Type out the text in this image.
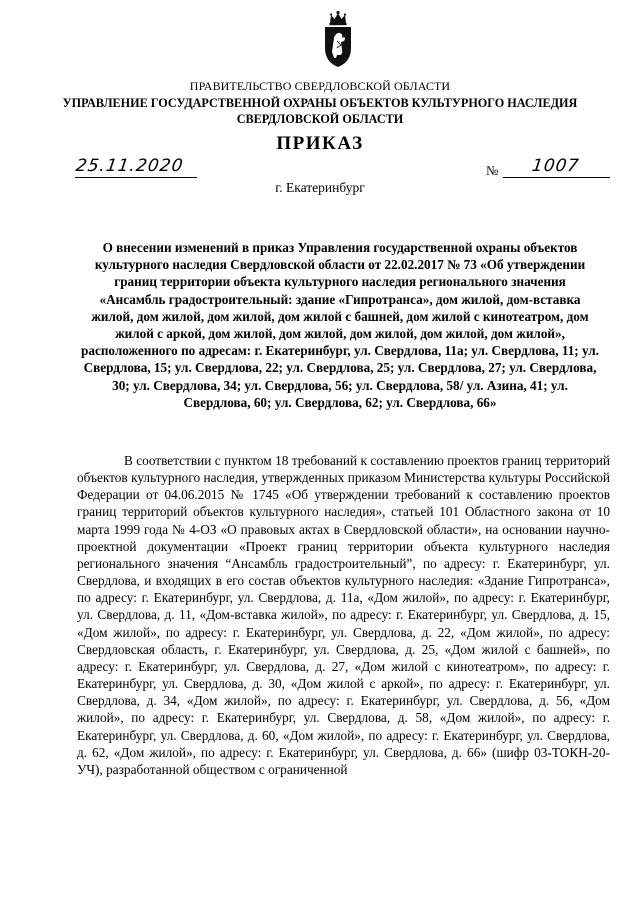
ПРАВИТЕЛЬСТВО СВЕРДЛОВСКОЙ ОБЛАСТИ
УПРАВЛЕНИЕ ГОСУДАРСТВЕННОЙ ОХРАНЫ ОБЪЕКТОВ КУЛЬТУРНОГО НАСЛЕДИЯ СВЕРДЛОВСКОЙ ОБЛАСТИ
ПРИКАЗ
25.11.2020	№ 1007
г. Екатеринбург
О внесении изменений в приказ Управления государственной охраны объектов культурного наследия Свердловской области от 22.02.2017 № 73 «Об утверждении границ территории объекта культурного наследия регионального значения «Ансамбль градостроительный: здание «Гипротранса», дом жилой, дом-вставка жилой, дом жилой, дом жилой, дом жилой с башней, дом жилой с кинотеатром, дом жилой с аркой, дом жилой, дом жилой, дом жилой, дом жилой, дом жилой», расположенного по адресам: г. Екатеринбург, ул. Свердлова, 11а; ул. Свердлова, 11; ул. Свердлова, 15; ул. Свердлова, 22; ул. Свердлова, 25; ул. Свердлова, 27; ул. Свердлова, 30; ул. Свердлова, 34; ул. Свердлова, 56; ул. Свердлова, 58/ ул. Азина, 41; ул. Свердлова, 60; ул. Свердлова, 62; ул. Свердлова, 66»

В соответствии с пунктом 18 требований к составлению проектов границ территорий объектов культурного наследия, утвержденных приказом Министерства культуры Российской Федерации от 04.06.2015 № 1745 «Об утверждении требований к составлению проектов границ территорий объектов культурного наследия», статьей 101 Областного закона от 10 марта 1999 года № 4-ОЗ «О правовых актах в Свердловской области», на основании научно-проектной документации «Проект границ территории объекта культурного наследия регионального значения “Ансамбль градостроительный”, по адресу: г. Екатеринбург, ул. Свердлова, и входящих в его состав объектов культурного наследия: «Здание Гипротранса», по адресу: г. Екатеринбург, ул. Свердлова, д. 11а, «Дом жилой», по адресу: г. Екатеринбург, ул. Свердлова, д. 11, «Дом-вставка жилой», по адресу: г. Екатеринбург, ул. Свердлова, д. 15, «Дом жилой», по адресу: г. Екатеринбург, ул. Свердлова, д. 22, «Дом жилой», по адресу: Свердловская область, г. Екатеринбург, ул. Свердлова, д. 25, «Дом жилой с башней», по адресу: г. Екатеринбург, ул. Свердлова, д. 27, «Дом жилой с кинотеатром», по адресу: г. Екатеринбург, ул. Свердлова, д. 30, «Дом жилой с аркой», по адресу: г. Екатеринбург, ул. Свердлова, д. 34, «Дом жилой», по адресу: г. Екатеринбург, ул. Свердлова, д. 56, «Дом жилой», по адресу: г. Екатеринбург, ул. Свердлова, д. 58, «Дом жилой», по адресу: г. Екатеринбург, ул. Свердлова, д. 60, «Дом жилой», по адресу: г. Екатеринбург, ул. Свердлова, д. 62, «Дом жилой», по адресу: г. Екатеринбург, ул. Свердлова, д. 66» (шифр 03-ТОКН-20-УЧ), разработанной обществом с ограниченной
